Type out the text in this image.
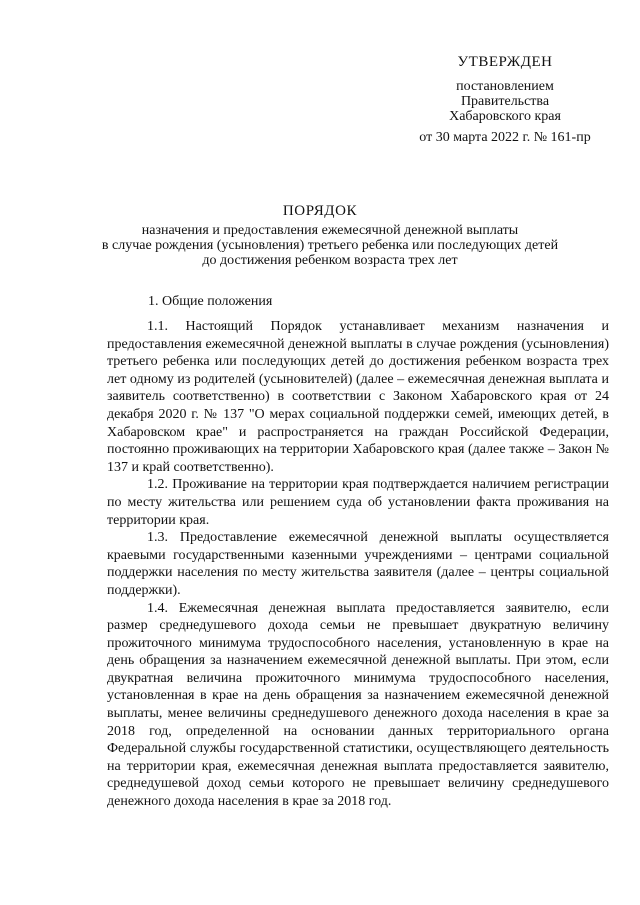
УТВЕРЖДЕН
постановлением
Правительства
Хабаровского края
от 30 марта 2022 г. № 161-пр
ПОРЯДОК
назначения и предоставления ежемесячной денежной выплаты
в случае рождения (усыновления) третьего ребенка или последующих детей
до достижения ребенком возраста трех лет
1. Общие положения

1.1. Настоящий Порядок устанавливает механизм назначения и предоставления ежемесячной денежной выплаты в случае рождения (усыновления) третьего ребенка или последующих детей до достижения ребенком возраста трех лет одному из родителей (усыновителей) (далее – ежемесячная денежная выплата и заявитель соответственно) в соответствии с Законом Хабаровского края от 24 декабря 2020 г. № 137 "О мерах социальной поддержки семей, имеющих детей, в Хабаровском крае" и распространяется на граждан Российской Федерации, постоянно проживающих на территории Хабаровского края (далее также – Закон № 137 и край соответственно).

1.2. Проживание на территории края подтверждается наличием регистрации по месту жительства или решением суда об установлении факта проживания на территории края.

1.3. Предоставление ежемесячной денежной выплаты осуществляется краевыми государственными казенными учреждениями – центрами социальной поддержки населения по месту жительства заявителя (далее – центры социальной поддержки).

1.4. Ежемесячная денежная выплата предоставляется заявителю, если размер среднедушевого дохода семьи не превышает двукратную величину прожиточного минимума трудоспособного населения, установленную в крае на день обращения за назначением ежемесячной денежной выплаты. При этом, если двукратная величина прожиточного минимума трудоспособного населения, установленная в крае на день обращения за назначением ежемесячной денежной выплаты, менее величины среднедушевого денежного дохода населения в крае за 2018 год, определенной на основании данных территориального органа Федеральной службы государственной статистики, осуществляющего деятельность на территории края, ежемесячная денежная выплата предоставляется заявителю, среднедушевой доход семьи которого не превышает величину среднедушевого денежного дохода населения в крае за 2018 год.
